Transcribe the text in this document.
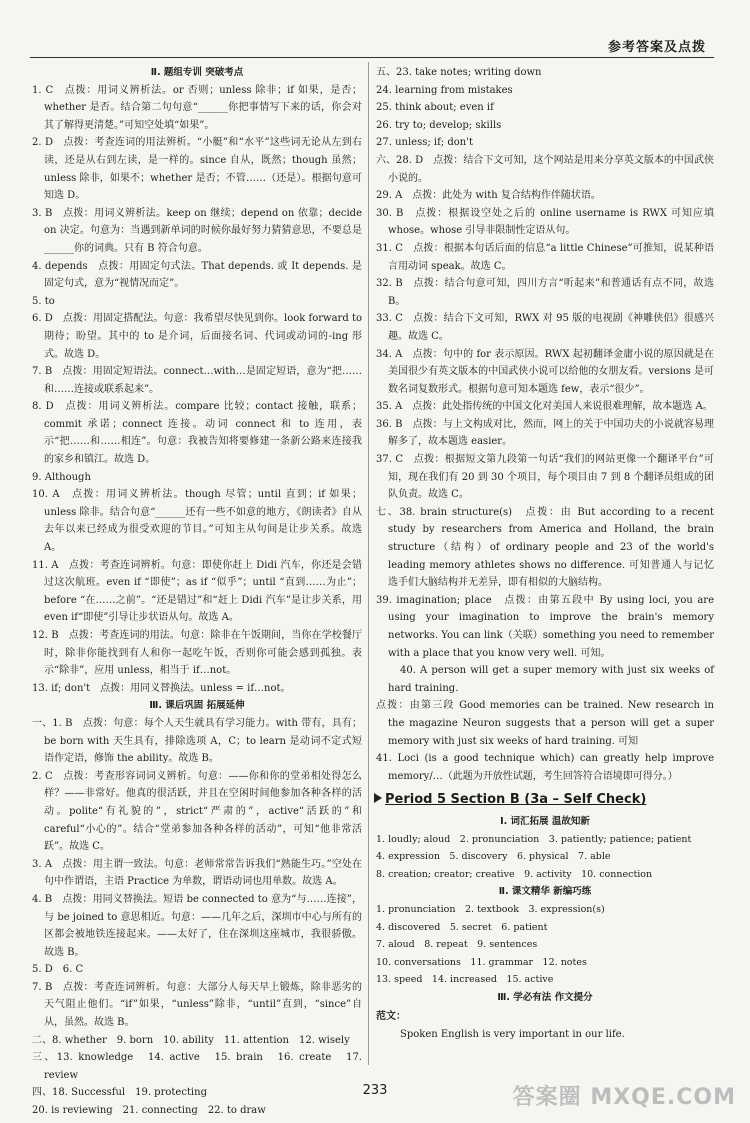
参考答案及点拨
Ⅱ. 题组专训 突破考点

1. C　点拨：用词义辨析法。or 否则；unless 除非；if 如果，是否；whether 是否。结合第二句句意“______你把事情写下来的话，你会对其了解得更清楚。”可知空处填“如果”。

2. D　点拨：考查连词的用法辨析。“小艇”和“水平”这些词无论从左到右读，还是从右到左读，是一样的。since 自从，既然；though 虽然；unless 除非，如果不；whether 是否；不管……（还是）。根据句意可知选 D。

3. B　点拨：用词义辨析法。keep on 继续；depend on 依靠；decide on 决定。句意为：当遇到新单词的时候你最好努力猜猜意思，不要总是______你的词典。只有 B 符合句意。

4. depends　点拨：用固定句式法。That depends. 或 It depends. 是固定句式，意为“视情况而定”。

5. to

6. D　点拨：用固定搭配法。句意：我希望尽快见到你。look forward to 期待；盼望。其中的 to 是介词，后面接名词、代词或动词的-ing 形式。故选 D。

7. B　点拨：用固定短语法。connect…with…是固定短语，意为“把……和……连接或联系起来”。

8. D　点拨：用词义辨析法。compare 比较；contact 接触，联系；commit 承诺；connect 连接。动词 connect 和 to 连用，表示“把……和……相连”。句意：我被告知将要修建一条新公路来连接我的家乡和镇江。故选 D。

9. Although

10. A　点拨：用词义辨析法。though 尽管；until 直到；if 如果；unless 除非。结合句意“______还有一些不如意的地方，《朗读者》自从去年以来已经成为很受欢迎的节目。”可知主从句间是让步关系。故选 A。

11. A　点拨：考查连词辨析。句意：即使你赶上 Didi 汽车，你还是会错过这次航班。even if “即使”；as if “似乎”；until “直到……为止”；before “在……之前”。“还是错过”和“赶上 Didi 汽车”是让步关系，用 even if“即使”引导让步状语从句。故选 A。

12. B　点拨：考查连词的用法。句意：除非在午饭期间，当你在学校餐厅时，除非你能找到有人和你一起吃午饭，否则你可能会感到孤独。表示“除非”，应用 unless，相当于 if…not。

13. if; don't　点拨：用同义替换法。unless = if…not。

Ⅲ. 课后巩固 拓展延伸

一、1. B　点拨：句意：每个人天生就具有学习能力。with 带有，具有；be born with 天生具有，排除选项 A，C；to learn 是动词不定式短语作定语，修饰 the ability。故选 B。

2. C　点拨：考查形容词词义辨析。句意：——你和你的堂弟相处得怎么样？——非常好。他真的很活跃，并且在空闲时间他参加各种各样的活动。polite“有礼貌的”，strict“严肃的”，active“活跃的”和 careful“小心的”。结合“堂弟参加各种各样的活动”，可知“他非常活跃”。故选 C。

3. A　点拨：用主谓一致法。句意：老师常常告诉我们“熟能生巧。”空处在句中作谓语，主语 Practice 为单数，谓语动词也用单数。故选 A。

4. B　点拨：用同义替换法。短语 be connected to 意为“与……连接”，与 be joined to 意思相近。句意：——几年之后，深圳市中心与所有的区都会被地铁连接起来。——太好了，住在深圳这座城市，我很骄傲。故选 B。

5. D　6. C

7. B　点拨：考查连词辨析。句意：大部分人每天早上锻炼，除非恶劣的天气阻止他们。“if”如果，“unless”除非，“until”直到，“since”自从，虽然。故选 B。

二、8. whether　9. born　10. ability　11. attention　12. wisely

三、13. knowledge　14. active　15. brain　16. create　17. review

四、18. Successful　19. protecting

20. is reviewing　21. connecting　22. to draw

五、23. take notes; writing down

24. learning from mistakes

25. think about; even if

26. try to; develop; skills

27. unless; if; don't

六、28. D　点拨：结合下文可知，这个网站是用来分享英文版本的中国武侠小说的。

29. A　点拨：此处为 with 复合结构作伴随状语。

30. B　点拨：根据设空处之后的 online username is RWX 可知应填 whose。whose 引导非限制性定语从句。

31. C　点拨：根据本句话后面的信息“a little Chinese”可推知，说某种语言用动词 speak。故选 C。

32. B　点拨：结合句意可知，四川方言“听起来”和普通话有点不同，故选 B。

33. C　点拨：结合下文可知，RWX 对 95 版的电视剧《神雕侠侣》很感兴趣。故选 C。

34. A　点拨：句中的 for 表示原因。RWX 起初翻译金庸小说的原因就是在美国很少有英文版本的中国武侠小说可以给他的女朋友看。versions 是可数名词复数形式。根据句意可知本题选 few，表示“很少”。

35. A　点拨：此处指传统的中国文化对美国人来说很难理解，故本题选 A。

36. B　点拨：与上文构成对比，然而，网上的关于中国功夫的小说就容易理解多了，故本题选 easier。

37. C　点拨：根据短文第九段第一句话“我们的网站更像一个翻译平台”可知，现在我们有 20 到 30 个项目，每个项目由 7 到 8 个翻译员组成的团队负责。故选 C。

七、38. brain structure(s)　点拨：由 But according to a recent study by researchers from America and Holland, the brain structure（结构）of ordinary people and 23 of the world's leading memory athletes shows no difference. 可知普通人与记忆选手们大脑结构并无差异，即有相似的大脑结构。

39. imagination; place　点拨：由第五段中 By using loci, you are using your imagination to improve the brain's memory networks. You can link（关联）something you need to remember with a place that you know very well. 可知。

40. A person will get a super memory with just six weeks of hard training.

点拨：由第三段 Good memories can be trained. New research in the magazine Neuron suggests that a person will get a super memory with just six weeks of hard training. 可知

41. Loci (is a good technique which) can greatly help improve memory/…（此题为开放性试题，考生回答符合语境即可得分。）

Period 5 Section B (3a – Self Check)
Ⅰ. 词汇拓展 温故知新

1. loudly; aloud　2. pronunciation　3. patiently; patience; patient

4. expression　5. discovery　6. physical　7. able

8. creation; creator; creative　9. activity　10. connection

Ⅱ. 课文精华 新编巧练

1. pronunciation　2. textbook　3. expression(s)

4. discovered　5. secret　6. patient

7. aloud　8. repeat　9. sentences

10. conversations　11. grammar　12. notes

13. speed　14. increased　15. active

Ⅲ. 学必有法 作文提分
范文：

Spoken English is very important in our life.

233	答案圈 MXQE.COM
